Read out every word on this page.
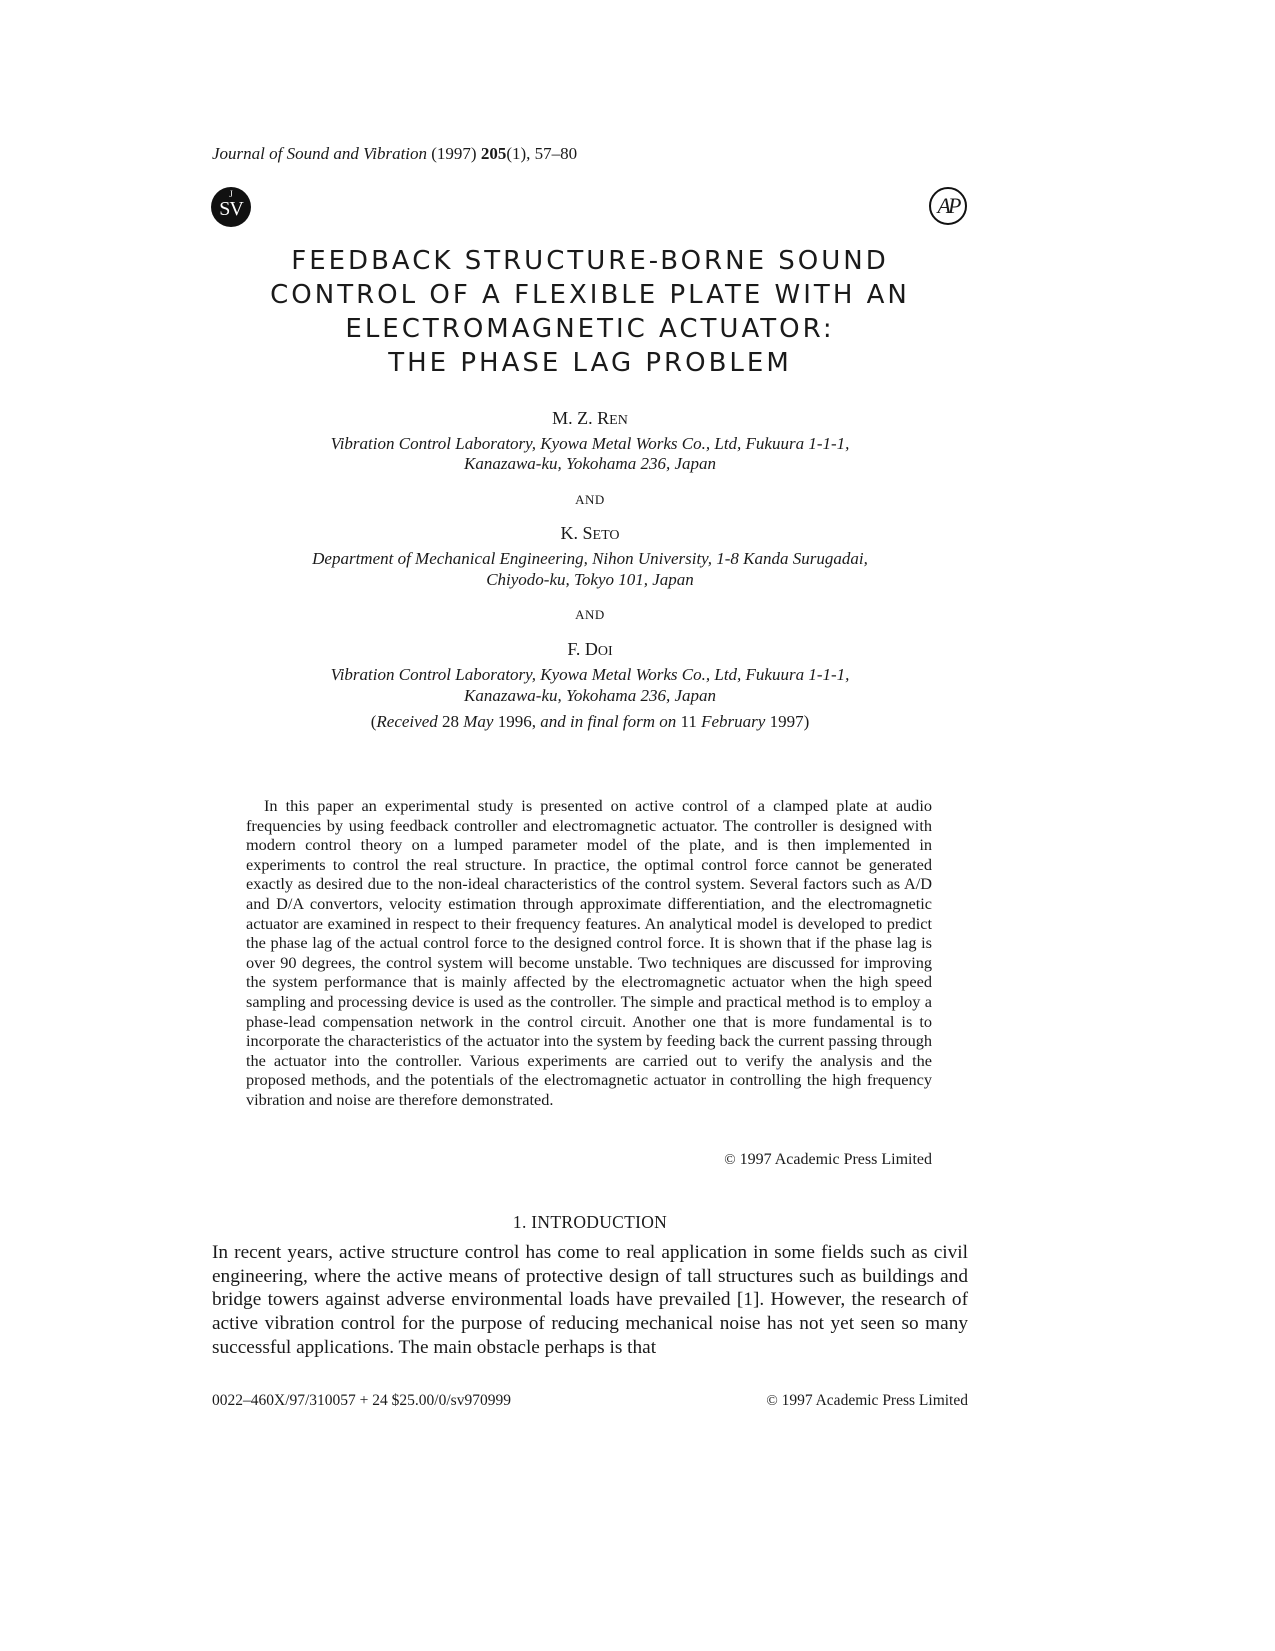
Journal of Sound and Vibration (1997) 205(1), 57–80
J
SV	AP
FEEDBACK STRUCTURE-BORNE SOUND
CONTROL OF A FLEXIBLE PLATE WITH AN
ELECTROMAGNETIC ACTUATOR:
THE PHASE LAG PROBLEM
M. Z. REN
Vibration Control Laboratory, Kyowa Metal Works Co., Ltd, Fukuura 1-1-1,
Kanazawa-ku, Yokohama 236, Japan
AND
K. SETO
Department of Mechanical Engineering, Nihon University, 1-8 Kanda Surugadai,
Chiyodo-ku, Tokyo 101, Japan
AND
F. DOI
Vibration Control Laboratory, Kyowa Metal Works Co., Ltd, Fukuura 1-1-1,
Kanazawa-ku, Yokohama 236, Japan
(Received 28 May 1996, and in final form on 11 February 1997)
In this paper an experimental study is presented on active control of a clamped plate at audio frequencies by using feedback controller and electromagnetic actuator. The controller is designed with modern control theory on a lumped parameter model of the plate, and is then implemented in experiments to control the real structure. In practice, the optimal control force cannot be generated exactly as desired due to the non-ideal characteristics of the control system. Several factors such as A/D and D/A convertors, velocity estimation through approximate differentiation, and the electromagnetic actuator are examined in respect to their frequency features. An analytical model is developed to predict the phase lag of the actual control force to the designed control force. It is shown that if the phase lag is over 90 degrees, the control system will become unstable. Two techniques are discussed for improving the system performance that is mainly affected by the electromagnetic actuator when the high speed sampling and processing device is used as the controller. The simple and practical method is to employ a phase-lead compensation network in the control circuit. Another one that is more fundamental is to incorporate the characteristics of the actuator into the system by feeding back the current passing through the actuator into the controller. Various experiments are carried out to verify the analysis and the proposed methods, and the potentials of the electromagnetic actuator in controlling the high frequency vibration and noise are therefore demonstrated.
© 1997 Academic Press Limited
1. INTRODUCTION
In recent years, active structure control has come to real application in some fields such as civil engineering, where the active means of protective design of tall structures such as buildings and bridge towers against adverse environmental loads have prevailed [1]. However, the research of active vibration control for the purpose of reducing mechanical noise has not yet seen so many successful applications. The main obstacle perhaps is that
0022–460X/97/310057 + 24 $25.00/0/sv970999	© 1997 Academic Press Limited
